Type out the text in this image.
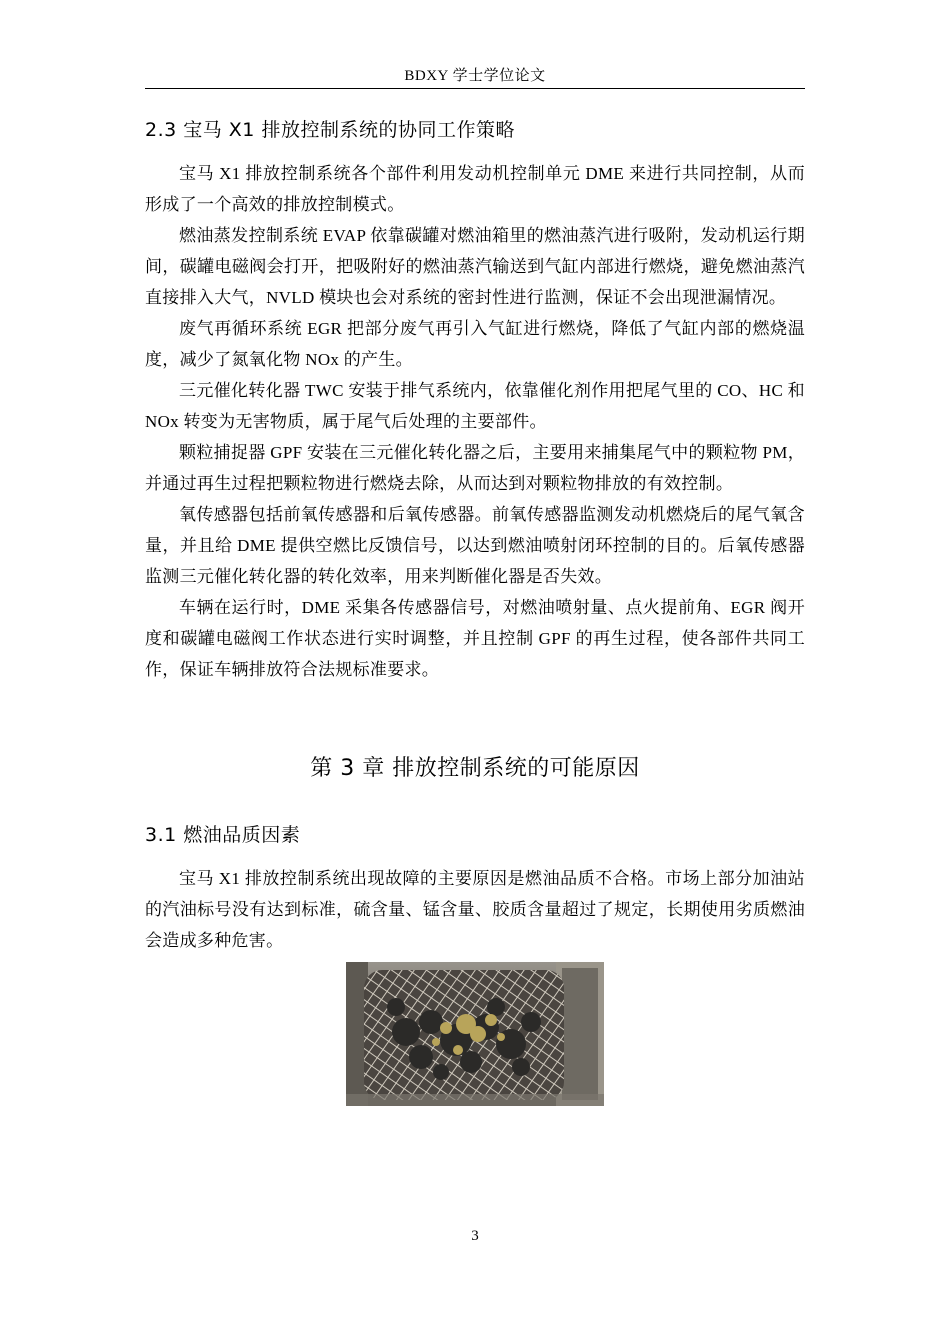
BDXY 学士学位论文
2.3 宝马 X1 排放控制系统的协同工作策略

宝马 X1 排放控制系统各个部件利用发动机控制单元 DME 来进行共同控制，从而形成了一个高效的排放控制模式。

燃油蒸发控制系统 EVAP 依靠碳罐对燃油箱里的燃油蒸汽进行吸附，发动机运行期间，碳罐电磁阀会打开，把吸附好的燃油蒸汽输送到气缸内部进行燃烧，避免燃油蒸汽直接排入大气，NVLD 模块也会对系统的密封性进行监测，保证不会出现泄漏情况。

废气再循环系统 EGR 把部分废气再引入气缸进行燃烧，降低了气缸内部的燃烧温度，减少了氮氧化物 NOx 的产生。

三元催化转化器 TWC 安装于排气系统内，依靠催化剂作用把尾气里的 CO、HC 和 NOx 转变为无害物质，属于尾气后处理的主要部件。

颗粒捕捉器 GPF 安装在三元催化转化器之后，主要用来捕集尾气中的颗粒物 PM，并通过再生过程把颗粒物进行燃烧去除，从而达到对颗粒物排放的有效控制。

氧传感器包括前氧传感器和后氧传感器。前氧传感器监测发动机燃烧后的尾气氧含量，并且给 DME 提供空燃比反馈信号，以达到燃油喷射闭环控制的目的。后氧传感器监测三元催化转化器的转化效率，用来判断催化器是否失效。

车辆在运行时，DME 采集各传感器信号，对燃油喷射量、点火提前角、EGR 阀开度和碳罐电磁阀工作状态进行实时调整，并且控制 GPF 的再生过程，使各部件共同工作，保证车辆排放符合法规标准要求。

第 3 章 排放控制系统的可能原因
3.1 燃油品质因素

宝马 X1 排放控制系统出现故障的主要原因是燃油品质不合格。市场上部分加油站的汽油标号没有达到标准，硫含量、锰含量、胶质含量超过了规定，长期使用劣质燃油会造成多种危害。

3
